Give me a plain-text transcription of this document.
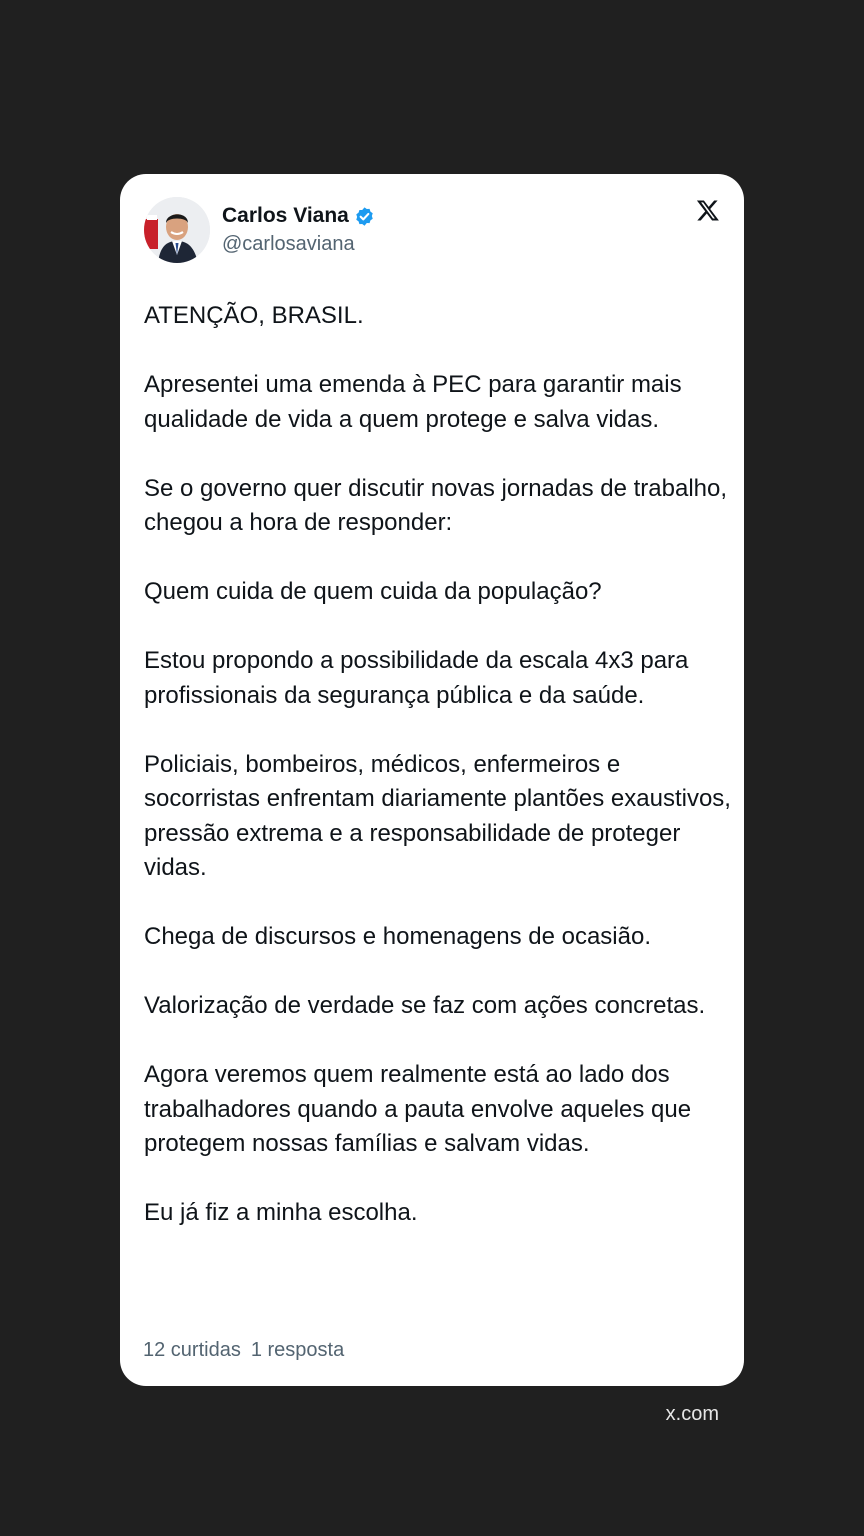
Carlos Viana
@carlosaviana

ATENÇÃO, BRASIL.

Apresentei uma emenda à PEC para garantir mais qualidade de vida a quem protege e salva vidas.

Se o governo quer discutir novas jornadas de trabalho, chegou a hora de responder:

Quem cuida de quem cuida da população?

Estou propondo a possibilidade da escala 4x3 para profissionais da segurança pública e da saúde.

Policiais, bombeiros, médicos, enfermeiros e socorristas enfrentam diariamente plantões exaustivos, pressão extrema e a responsabilidade de proteger vidas.

Chega de discursos e homenagens de ocasião.

Valorização de verdade se faz com ações concretas.

Agora veremos quem realmente está ao lado dos trabalhadores quando a pauta envolve aqueles que protegem nossas famílias e salvam vidas.

Eu já fiz a minha escolha.

12 curtidas 1 resposta
x.com
